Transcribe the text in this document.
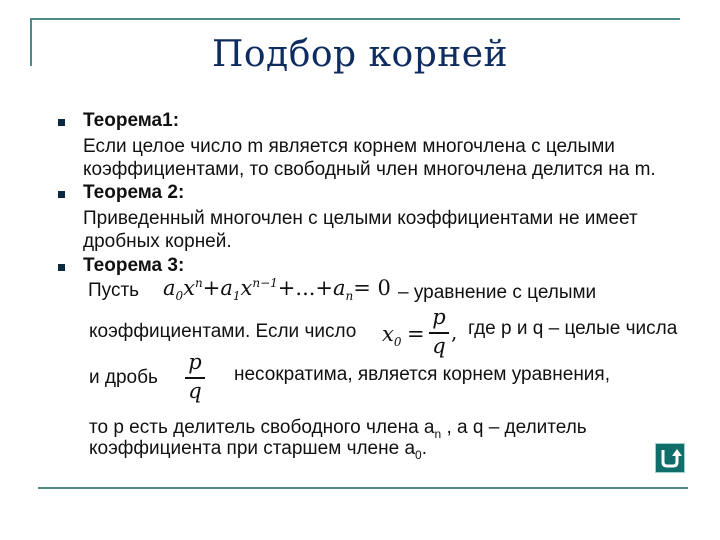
Подбор корней
Теорема1:
Если целое число m является корнем многочлена с целыми
коэффициентами, то свободный член многочлена делится на m.
Теорема 2:
Приведенный многочлен с целыми коэффициентами не имеет
дробных корней.
Теорема 3:
Пусть $a_0x^n+a_1x^{n-1}+...+a_n= 0$ – уравнение с целыми
коэффициентами. Если число $x_0$ =
p
q
, где p и q – целые числа
и дробь
p
q
несократима, является корнем уравнения,
то p есть делитель свободного члена $a_n$ , а q – делитель
коэффициента при старшем члене $a_0$.
